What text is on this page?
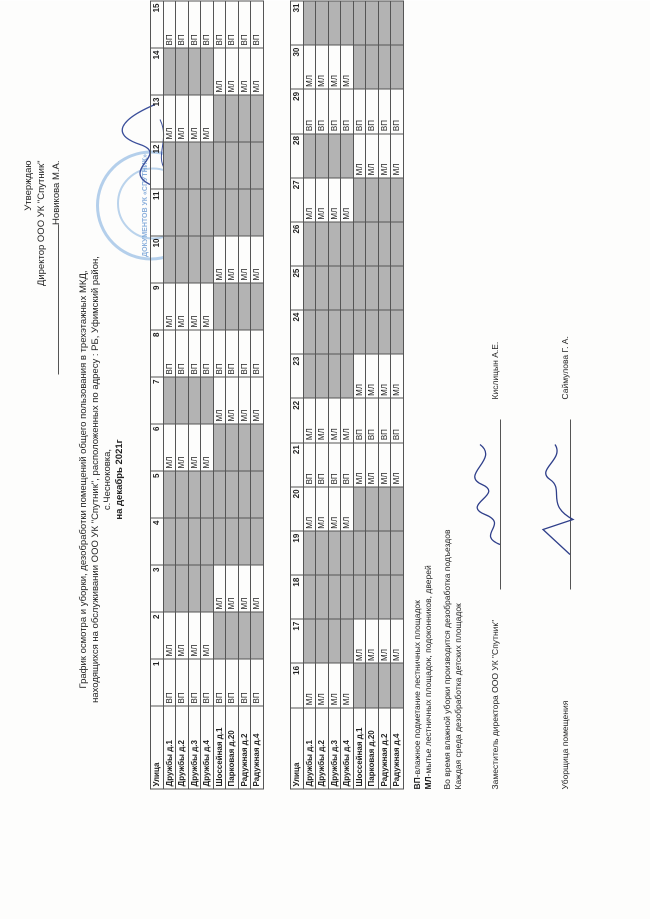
Утверждаю Директор ООО УК "Спутник" Новикова М.А.	ДОКУМЕНТОВ УК «СПУТНИК»
График осмотра и уборки, дезобработки помещений общего пользования в трехэтажных МКД, находящихся на обслуживании ООО УК "Спутник", расположенных по адресу : РБ, Уфимский район, с.Чесноковка, на декабрь 2021г
Улица	1	2	3	4	5	6	7	8	9	10	11	12	13	14	15
Дружбы д.1	ВП	МЛ				МЛ		ВП	МЛ				МЛ		ВП
Дружбы д.2	ВП	МЛ				МЛ		ВП	МЛ				МЛ		ВП
Дружбы д.3	ВП	МЛ				МЛ		ВП	МЛ				МЛ		ВП
Дружбы д.4	ВП	МЛ				МЛ		ВП	МЛ				МЛ		ВП
Шоссейная д.1	ВП		МЛ				МЛ	ВП		МЛ				МЛ	ВП
Парковая д.20	ВП		МЛ				МЛ	ВП		МЛ				МЛ	ВП
Радужная д.2	ВП		МЛ				МЛ	ВП		МЛ				МЛ	ВП
Радужная д.4	ВП		МЛ				МЛ	ВП		МЛ				МЛ	ВП
Улица	16	17	18	19	20	21	22	23	24	25	26	27	28	29	30	31
Дружбы д.1	МЛ				МЛ	ВП	МЛ					МЛ		ВП	МЛ	
Дружбы д.2	МЛ				МЛ	ВП	МЛ					МЛ		ВП	МЛ	
Дружбы д.3	МЛ				МЛ	ВП	МЛ					МЛ		ВП	МЛ	
Дружбы д.4	МЛ				МЛ	ВП	МЛ					МЛ		ВП	МЛ	
Шоссейная д.1		МЛ				МЛ	ВП	МЛ					МЛ	ВП		
Парковая д.20		МЛ				МЛ	ВП	МЛ					МЛ	ВП		
Радужная д.2		МЛ				МЛ	ВП	МЛ					МЛ	ВП		
Радужная д.4		МЛ				МЛ	ВП	МЛ					МЛ	ВП		
ВП-влажное подметание лестничных площадок
МЛ-мытье лестничных площадок, подоконников, дверей Во время влажной уборки производится дезобработка подъездов Каждая среда дезобработка детских площадок	Заместитель директора ООО УК "Спутник"
Кислицын А.Е.
Уборщица помещения
Саймулова Г. А.
